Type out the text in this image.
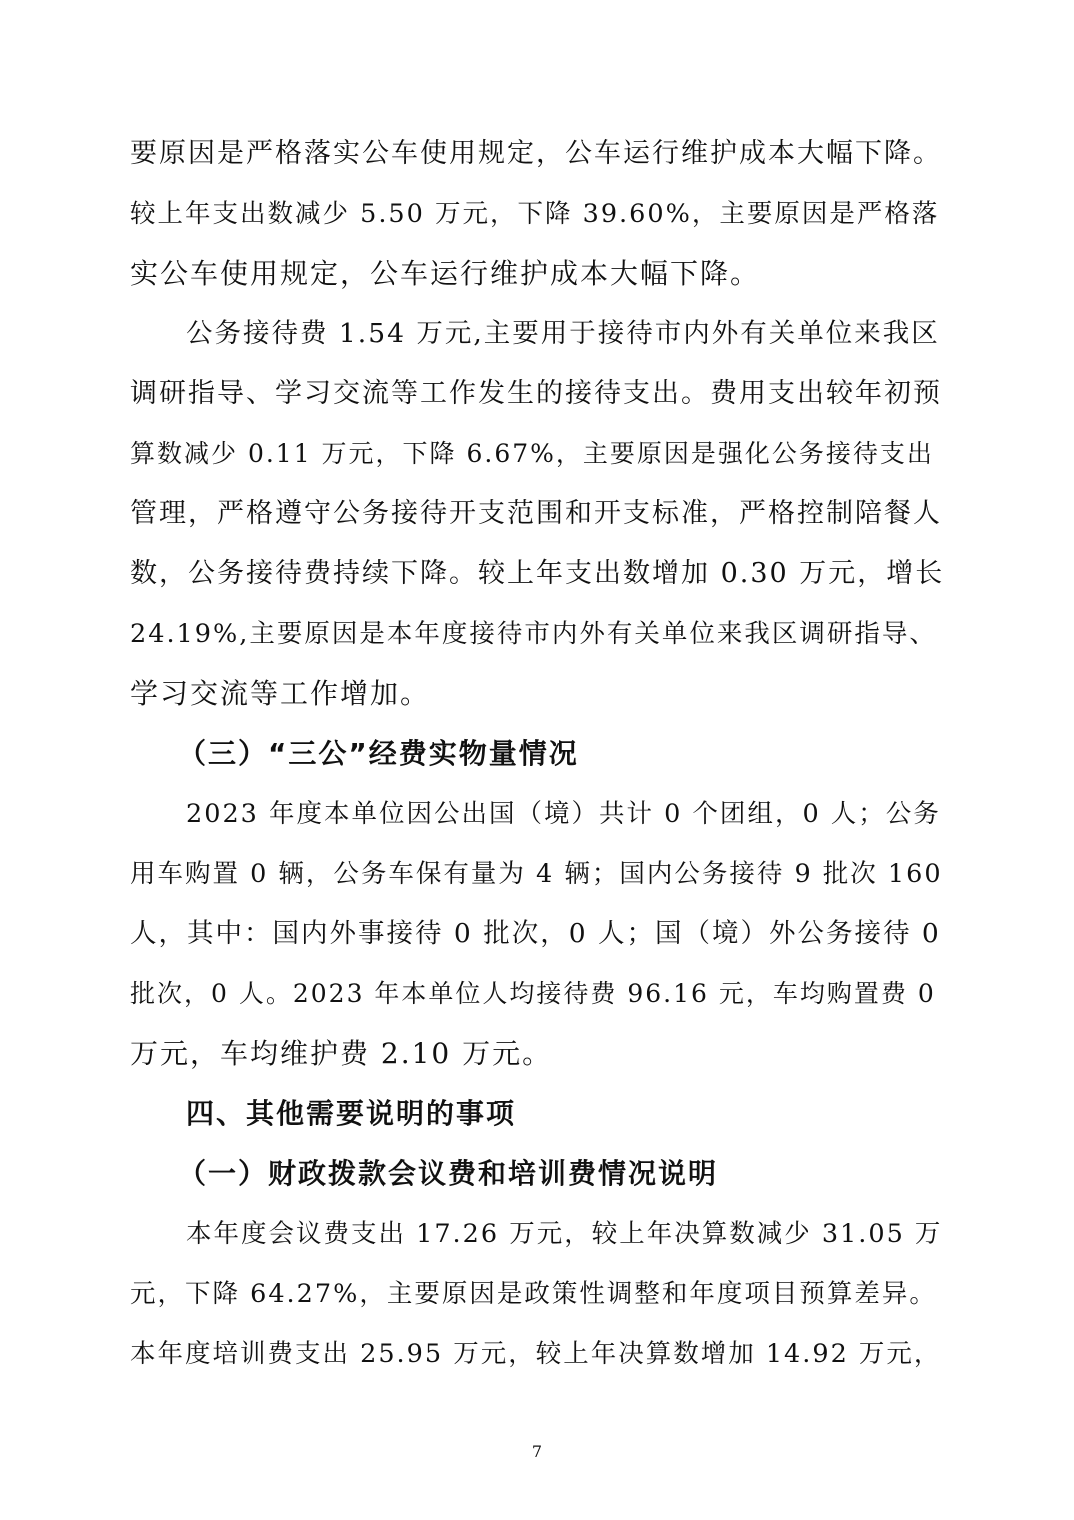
要原因是严格落实公车使用规定，公车运行维护成本大幅下降。
较上年支出数减少 5.50 万元，下降 39.60%，主要原因是严格落
实公车使用规定，公车运行维护成本大幅下降。
公务接待费 1.54 万元,主要用于接待市内外有关单位来我区
调研指导、学习交流等工作发生的接待支出。费用支出较年初预
算数减少 0.11 万元，下降 6.67%，主要原因是强化公务接待支出
管理，严格遵守公务接待开支范围和开支标准，严格控制陪餐人
数，公务接待费持续下降。较上年支出数增加 0.30 万元，增长
24.19%,主要原因是本年度接待市内外有关单位来我区调研指导、
学习交流等工作增加。
（三）“三公”经费实物量情况
2023 年度本单位因公出国（境）共计 0 个团组，0 人；公务
用车购置 0 辆，公务车保有量为 4 辆；国内公务接待 9 批次 160
人，其中：国内外事接待 0 批次，0 人；国（境）外公务接待 0
批次，0 人。2023 年本单位人均接待费 96.16 元，车均购置费 0
万元，车均维护费 2.10 万元。
四、其他需要说明的事项
（一）财政拨款会议费和培训费情况说明
本年度会议费支出 17.26 万元，较上年决算数减少 31.05 万
元，下降 64.27%，主要原因是政策性调整和年度项目预算差异。
本年度培训费支出 25.95 万元，较上年决算数增加 14.92 万元，
7
